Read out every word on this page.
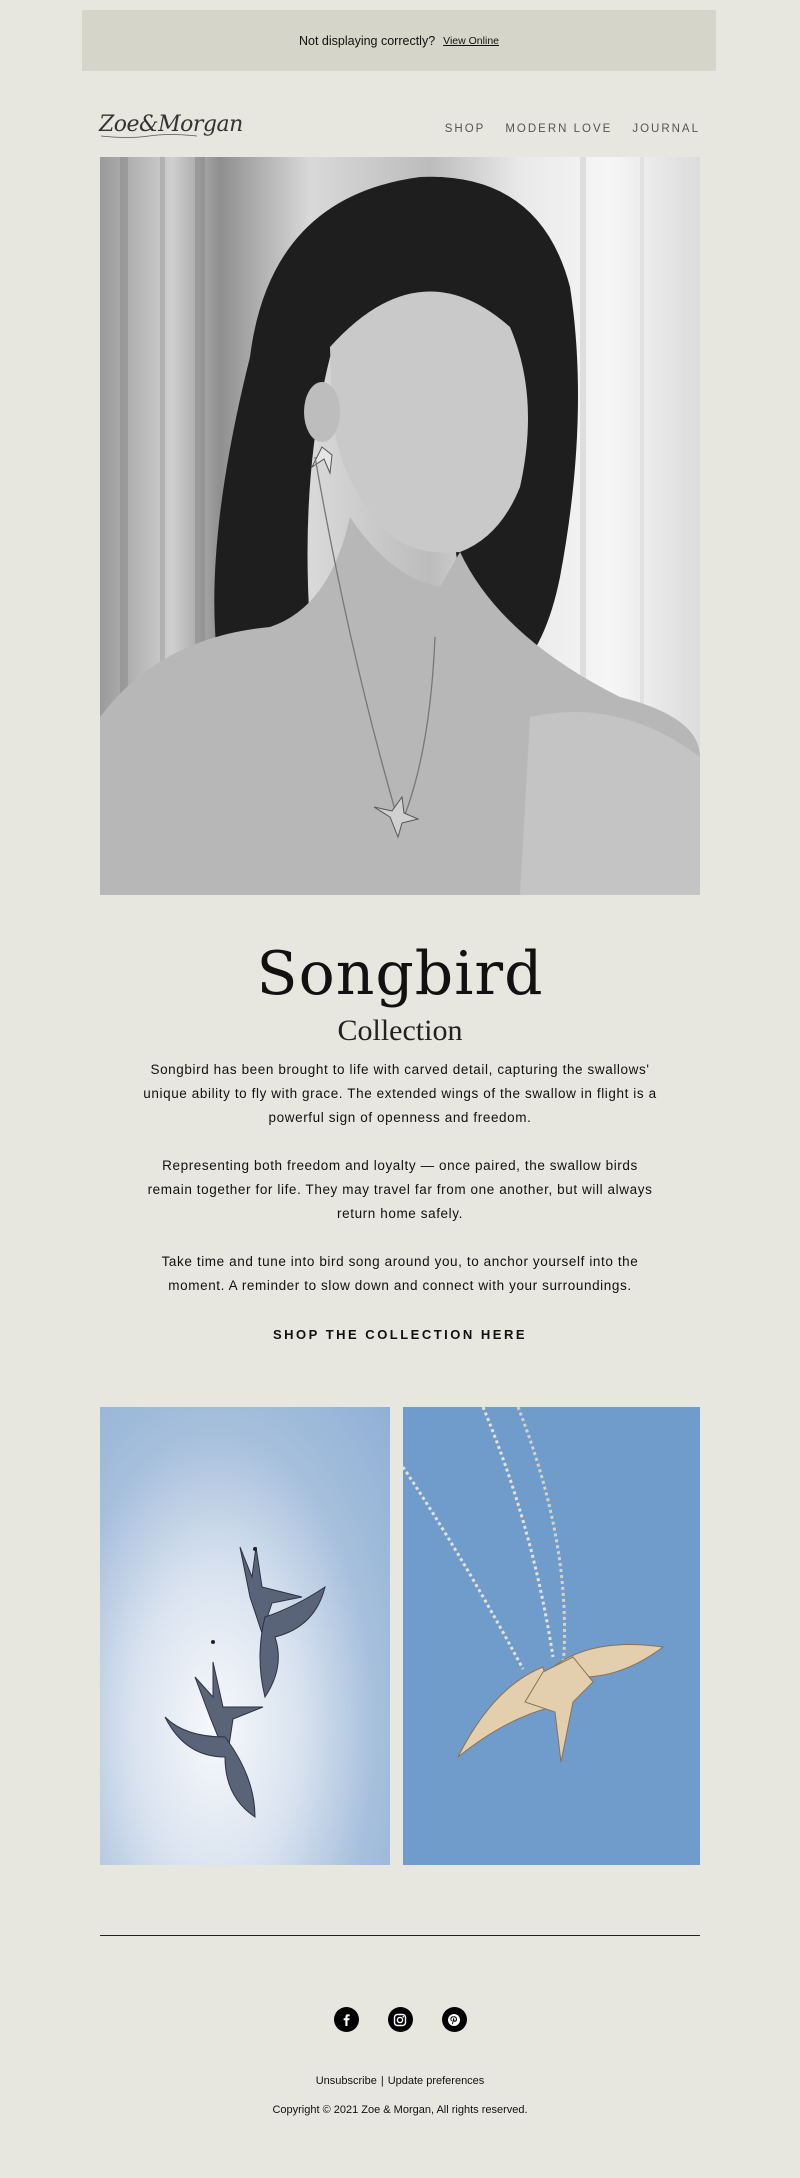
Not displaying correctly? View Online
Zoe&Morgan	SHOP MODERN LOVE JOURNAL
Songbird
Collection
Songbird has been brought to life with carved detail, capturing the swallows' unique ability to fly with grace. The extended wings of the swallow in flight is a powerful sign of openness and freedom.
Representing both freedom and loyalty — once paired, the swallow birds remain together for life. They may travel far from one another, but will always return home safely.
Take time and tune into bird song around you, to anchor yourself into the moment. A reminder to slow down and connect with your surroundings.
SHOP THE COLLECTION HERE
Unsubscribe | Update preferences
Copyright © 2021 Zoe & Morgan, All rights reserved.
